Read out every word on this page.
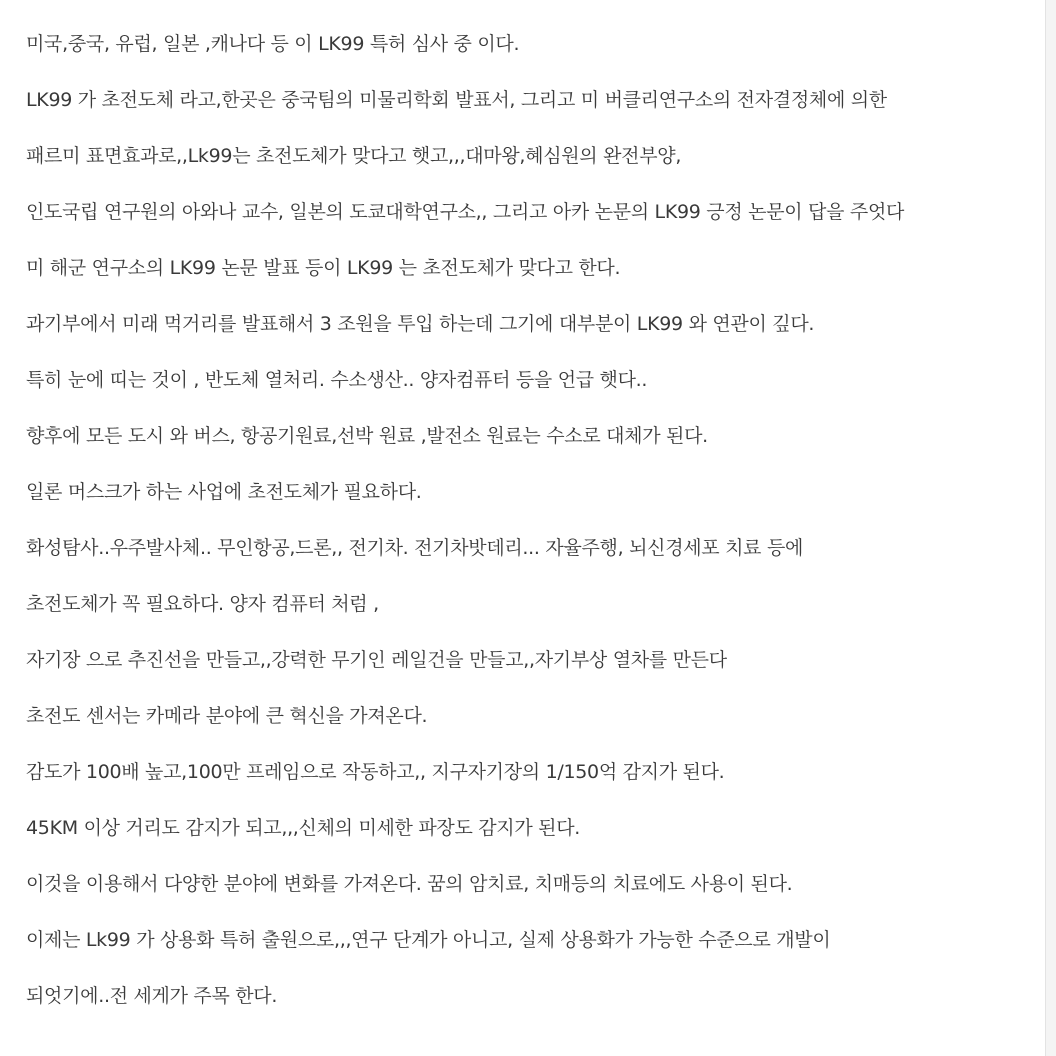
미국,중국, 유럽, 일본 ,캐나다 등 이 LK99 특허 심사 중 이다.

LK99 가 초전도체 라고,한곳은 중국팀의 미물리학회 발표서, 그리고 미 버클리연구소의 전자결정체에 의한

패르미 표면효과로,,Lk99는 초전도체가 맞다고 햇고,,,대마왕,혜심원의 완전부양,

인도국립 연구원의 아와나 교수, 일본의 도쿄대학연구소,, 그리고 아카 논문의 LK99 긍정 논문이 답을 주엇다

미 해군 연구소의 LK99 논문 발표 등이 LK99 는 초전도체가 맞다고 한다.

과기부에서 미래 먹거리를 발표해서 3 조원을 투입 하는데 그기에 대부분이 LK99 와 연관이 깊다.

특히 눈에 띠는 것이 , 반도체 열처리. 수소생산.. 양자컴퓨터 등을 언급 햇다..

향후에 모든 도시 와 버스, 항공기원료,선박 원료 ,발전소 원료는 수소로 대체가 된다.

일론 머스크가 하는 사업에 초전도체가 필요하다.

화성탐사..우주발사체.. 무인항공,드론,, 전기차. 전기차밧데리... 자율주행, 뇌신경세포 치료 등에

초전도체가 꼭 필요하다. 양자 컴퓨터 처럼 ,

자기장 으로 추진선을 만들고,,강력한 무기인 레일건을 만들고,,자기부상 열차를 만든다

초전도 센서는 카메라 분야에 큰 혁신을 가져온다.

감도가 100배 높고,100만 프레임으로 작동하고,, 지구자기장의 1/150억 감지가 된다.

45KM 이상 거리도 감지가 되고,,,신체의 미세한 파장도 감지가 된다.

이것을 이용해서 다양한 분야에 변화를 가져온다. 꿈의 암치료, 치매등의 치료에도 사용이 된다.

이제는 Lk99 가 상용화 특허 출원으로,,,연구 단계가 아니고, 실제 상용화가 가능한 수준으로 개발이

되엇기에..전 세게가 주목 한다.
